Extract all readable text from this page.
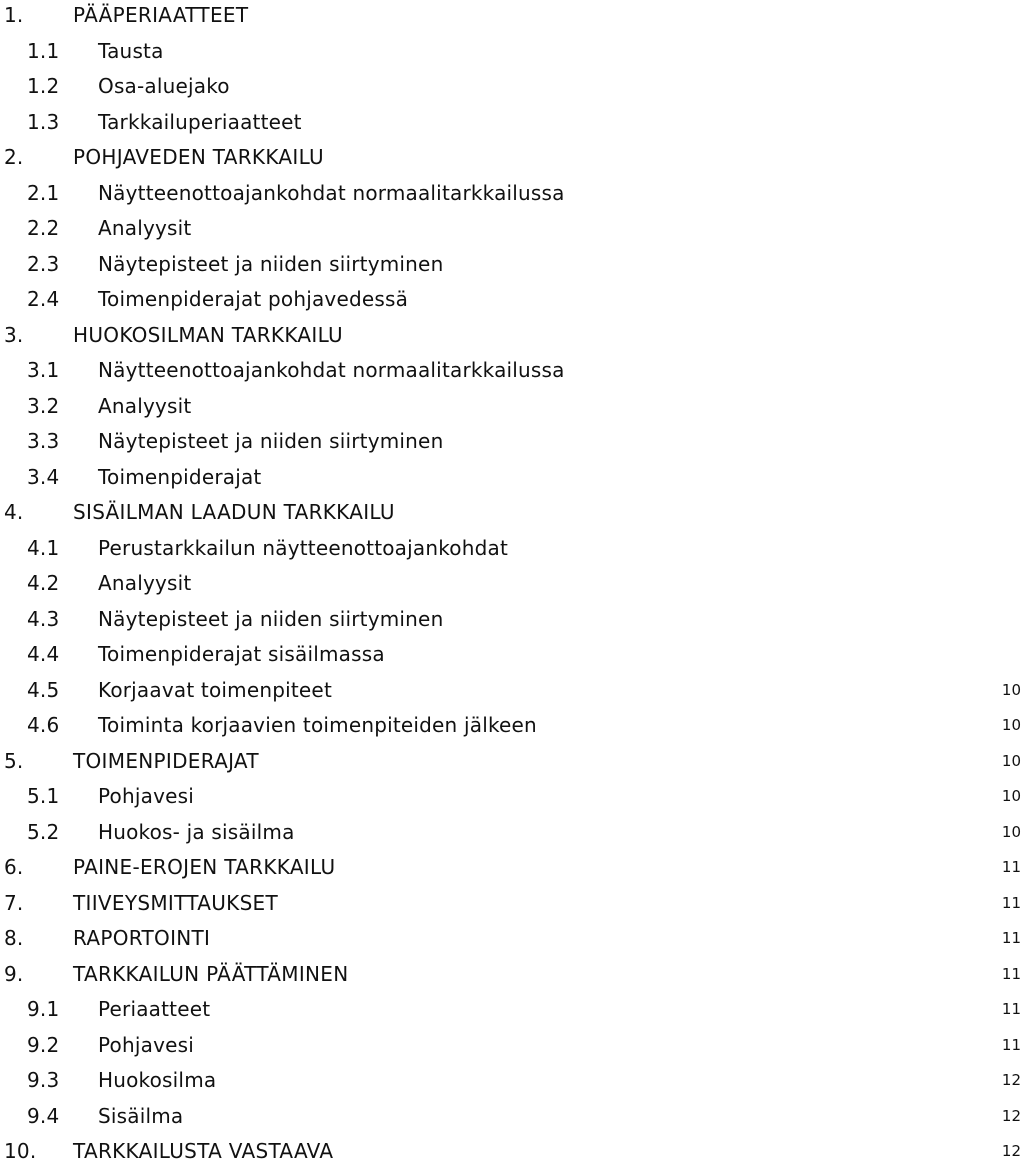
1. PÄÄPERIAATTEET
1.1 Tausta
1.2 Osa-aluejako
1.3 Tarkkailuperiaatteet
2. POHJAVEDEN TARKKAILU
2.1 Näytteenottoajankohdat normaalitarkkailussa
2.2 Analyysit
2.3 Näytepisteet ja niiden siirtyminen
2.4 Toimenpiderajat pohjavedessä
3. HUOKOSILMAN TARKKAILU
3.1 Näytteenottoajankohdat normaalitarkkailussa
3.2 Analyysit
3.3 Näytepisteet ja niiden siirtyminen
3.4 Toimenpiderajat
4. SISÄILMAN LAADUN TARKKAILU
4.1 Perustarkkailun näytteenottoajankohdat
4.2 Analyysit
4.3 Näytepisteet ja niiden siirtyminen
4.4 Toimenpiderajat sisäilmassa
4.5 Korjaavat toimenpiteet	10
4.6 Toiminta korjaavien toimenpiteiden jälkeen	10
5. TOIMENPIDERAJAT	10
5.1 Pohjavesi	10
5.2 Huokos- ja sisäilma	10
6. PAINE-EROJEN TARKKAILU	11
7. TIIVEYSMITTAUKSET	11
8. RAPORTOINTI	11
9. TARKKAILUN PÄÄTTÄMINEN	11
9.1 Periaatteet	11
9.2 Pohjavesi	11
9.3 Huokosilma	12
9.4 Sisäilma	12
10. TARKKAILUSTA VASTAAVA	12
